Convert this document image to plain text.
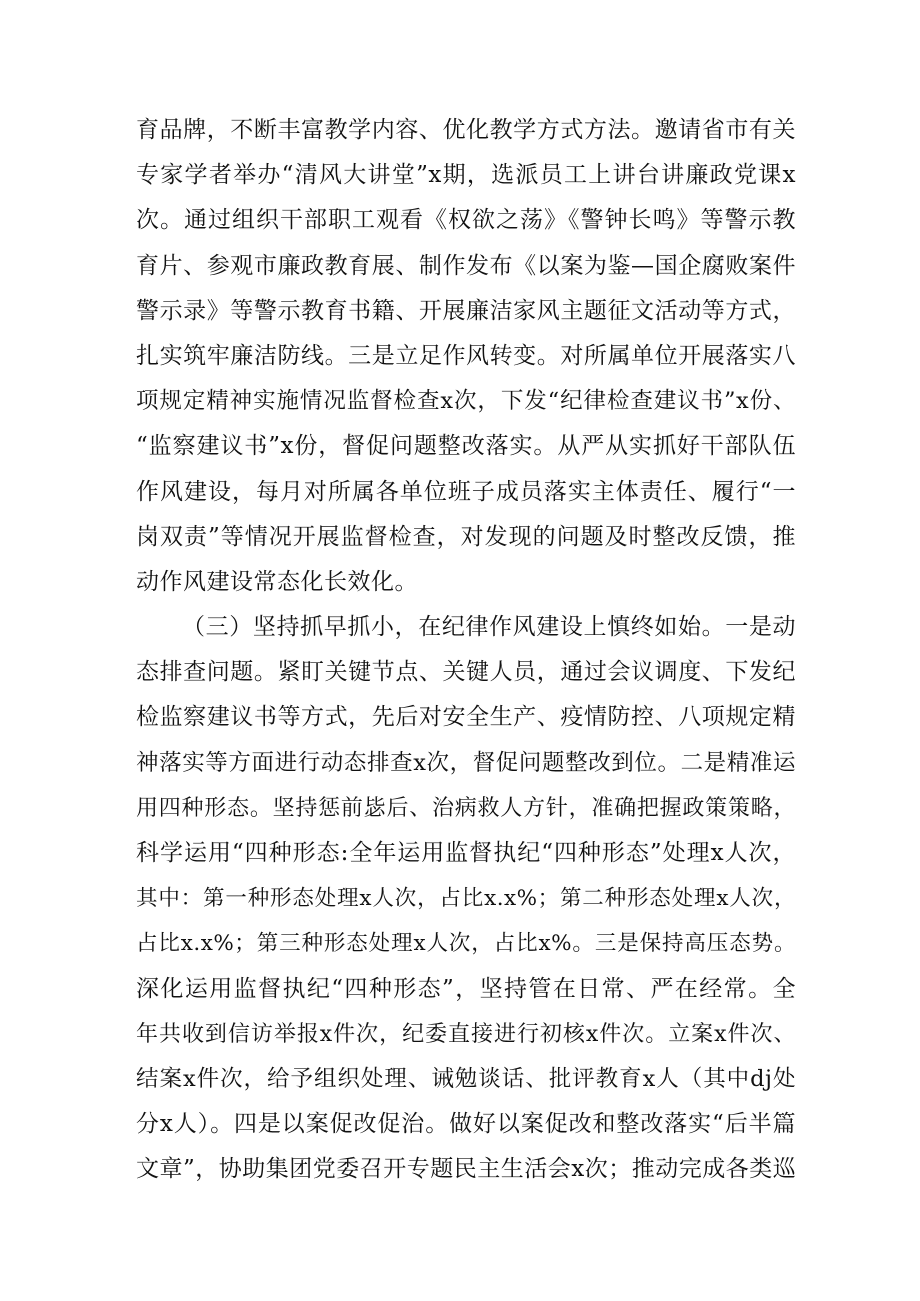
育品牌，不断丰富教学内容、优化教学方式方法。邀请省市有关
专家学者举办“清风大讲堂”x期，选派员工上讲台讲廉政党课x
次。通过组织干部职工观看《权欲之荡》《警钟长鸣》等警示教
育片、参观市廉政教育展、制作发布《以案为鉴—国企腐败案件
警示录》等警示教育书籍、开展廉洁家风主题征文活动等方式，
扎实筑牢廉洁防线。三是立足作风转变。对所属单位开展落实八
项规定精神实施情况监督检查x次，下发“纪律检查建议书”x份、
“监察建议书”x份，督促问题整改落实。从严从实抓好干部队伍
作风建设，每月对所属各单位班子成员落实主体责任、履行“一
岗双责”等情况开展监督检查，对发现的问题及时整改反馈，推
动作风建设常态化长效化。
（三）坚持抓早抓小，在纪律作风建设上慎终如始。一是动
态排查问题。紧盯关键节点、关键人员，通过会议调度、下发纪
检监察建议书等方式，先后对安全生产、疫情防控、八项规定精
神落实等方面进行动态排查x次，督促问题整改到位。二是精准运
用四种形态。坚持惩前毖后、治病救人方针，准确把握政策策略，
科学运用“四种形态:全年运用监督执纪“四种形态”处理x人次，
其中：第一种形态处理x人次，占比x.x%；第二种形态处理x人次，
占比x.x%；第三种形态处理x人次，占比x%。三是保持高压态势。
深化运用监督执纪“四种形态”，坚持管在日常、严在经常。全
年共收到信访举报x件次，纪委直接进行初核x件次。立案x件次、
结案x件次，给予组织处理、诫勉谈话、批评教育x人（其中dj处
分x人）。四是以案促改促治。做好以案促改和整改落实“后半篇
文章”，协助集团党委召开专题民主生活会x次；推动完成各类巡
